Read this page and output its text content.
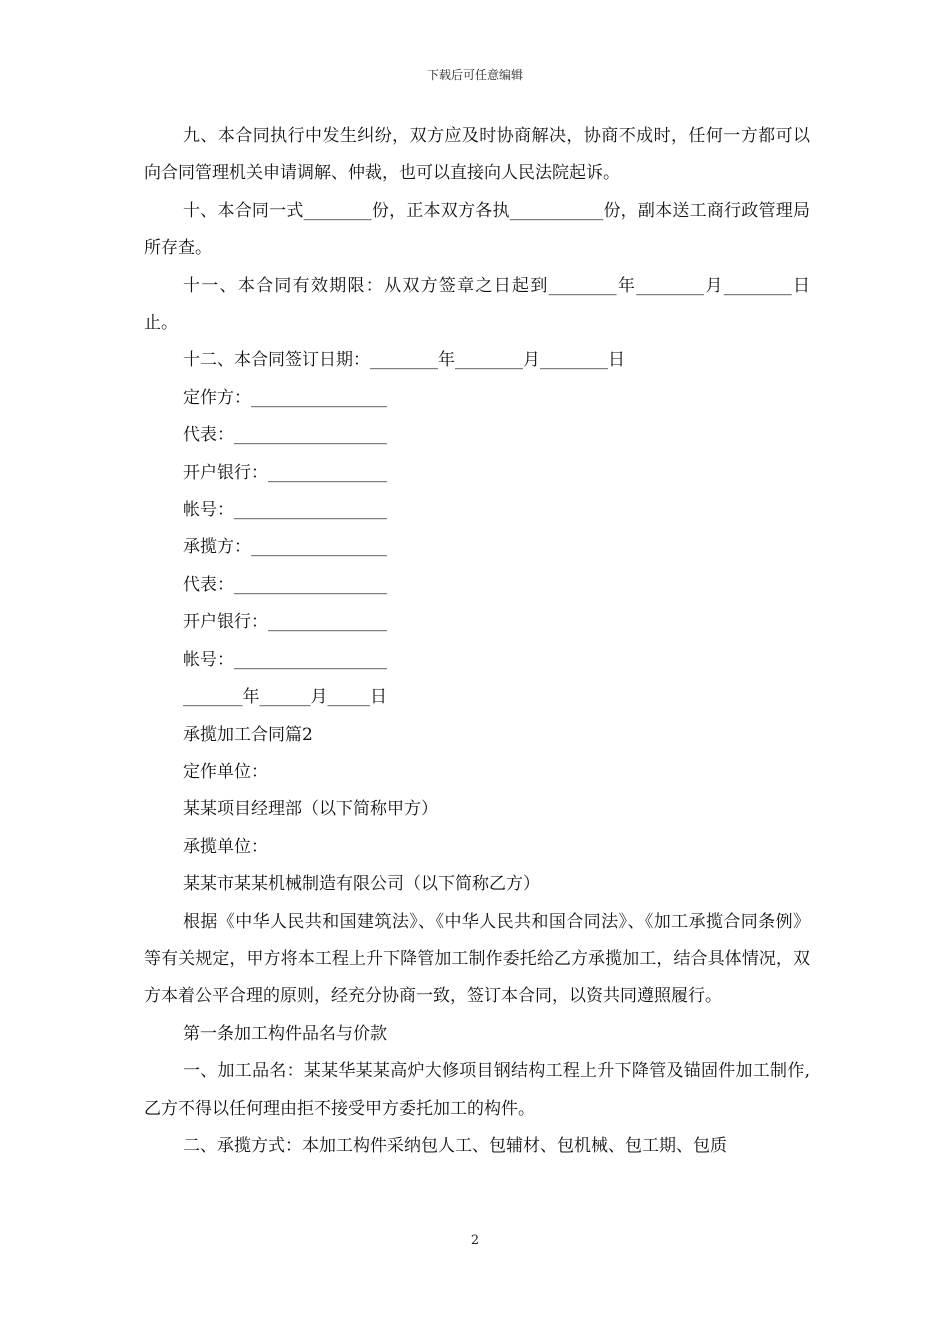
下载后可任意编辑

九、本合同执行中发生纠纷，双方应及时协商解决，协商不成时，任何一方都可以向合同管理机关申请调解、仲裁，也可以直接向人民法院起诉。

十、本合同一式________份，正本双方各执___________份，副本送工商行政管理局所存查。

十一、本合同有效期限：从双方签章之日起到________年________月________日止。

十二、本合同签订日期：________年________月________日

定作方：________________

代表：__________________

开户银行：______________

帐号：__________________

承揽方：________________

代表：__________________

开户银行：______________

帐号：__________________

_______年______月_____日

承揽加工合同篇2

定作单位：

某某项目经理部（以下简称甲方）

承揽单位：

某某市某某机械制造有限公司（以下简称乙方）

根据《中华人民共和国建筑法》、《中华人民共和国合同法》、《加工承揽合同条例》等有关规定，甲方将本工程上升下降管加工制作委托给乙方承揽加工，结合具体情况，双方本着公平合理的原则，经充分协商一致，签订本合同，以资共同遵照履行。

第一条加工构件品名与价款

一、加工品名：某某华某某高炉大修项目钢结构工程上升下降管及锚固件加工制作,乙方不得以任何理由拒不接受甲方委托加工的构件。

二、承揽方式：本加工构件采纳包人工、包辅材、包机械、包工期、包质

2
